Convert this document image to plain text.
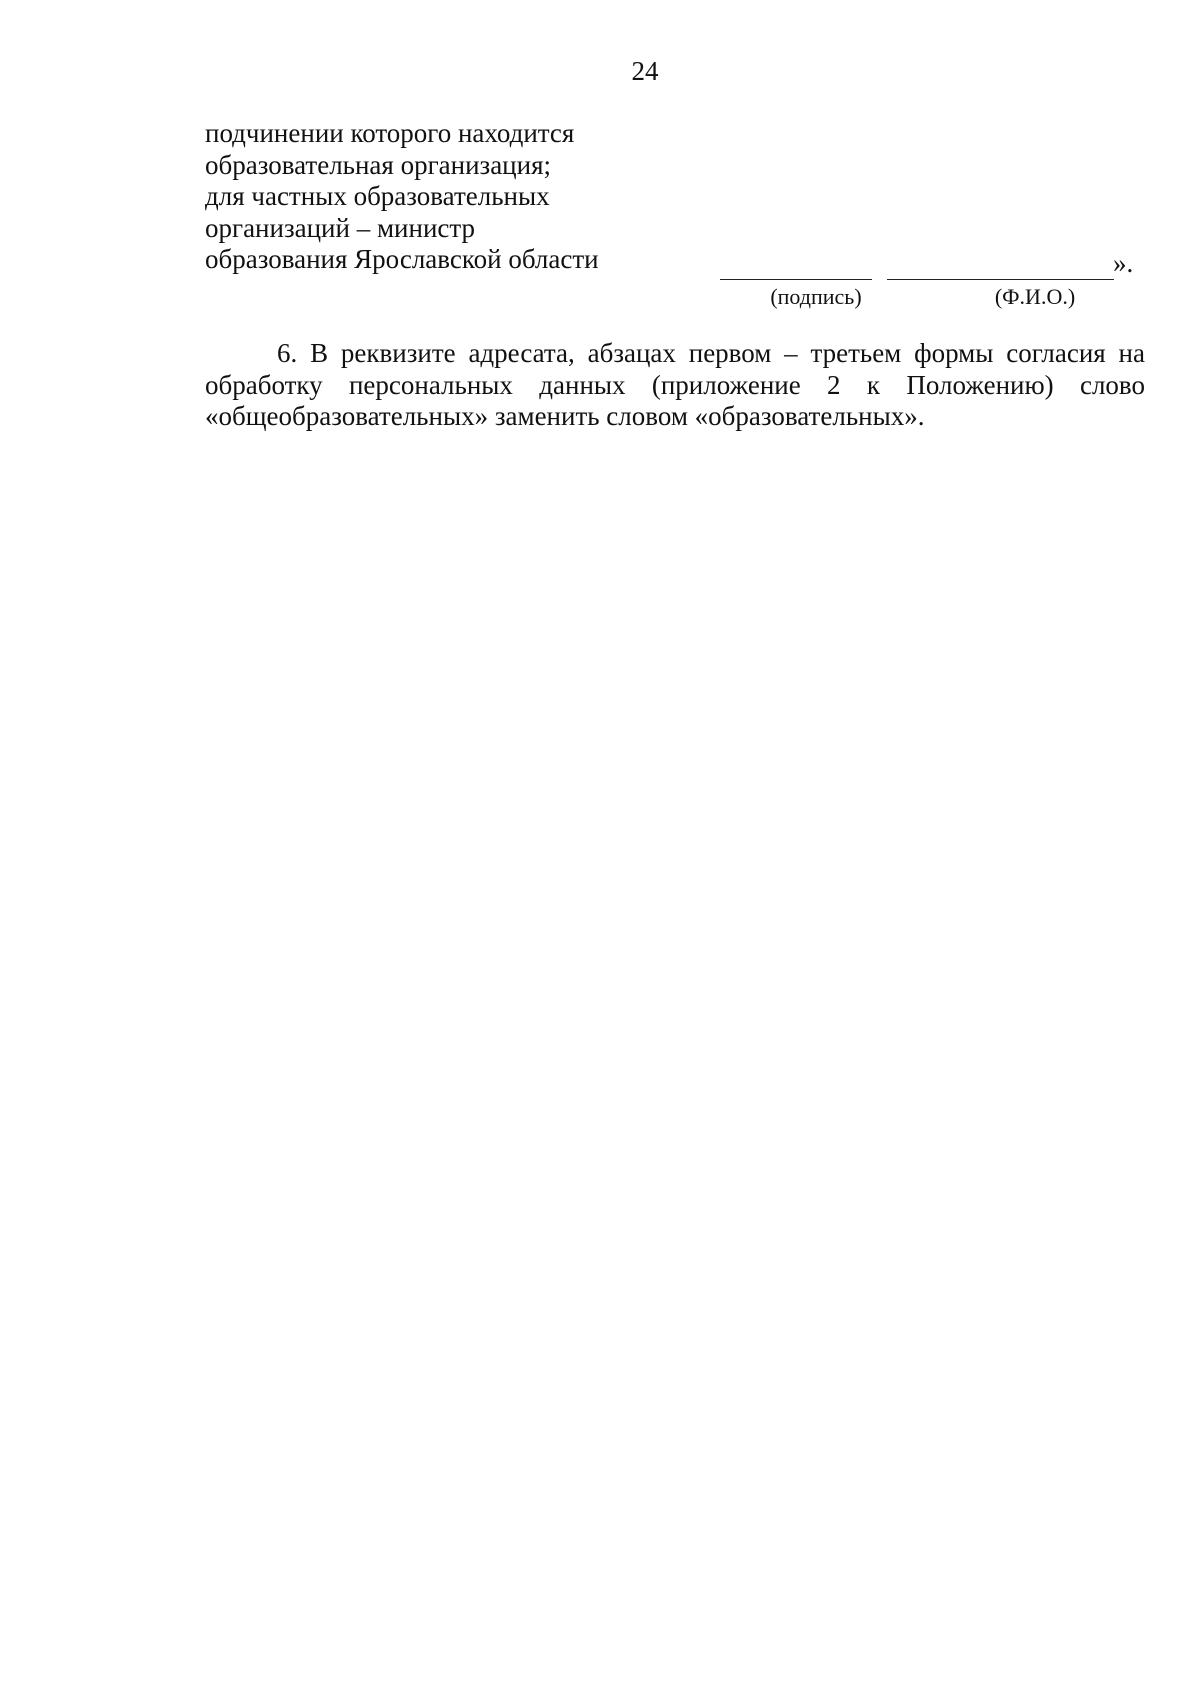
24
подчинении которого находится
образовательная организация;
для частных образовательных
организаций – министр
образования Ярославской области	».
(подпись)	(Ф.И.О.)
6. В реквизите адресата, абзацах первом – третьем формы согласия на
обработку персональных данных (приложение 2 к Положению) слово
«общеобразовательных» заменить словом «образовательных».
